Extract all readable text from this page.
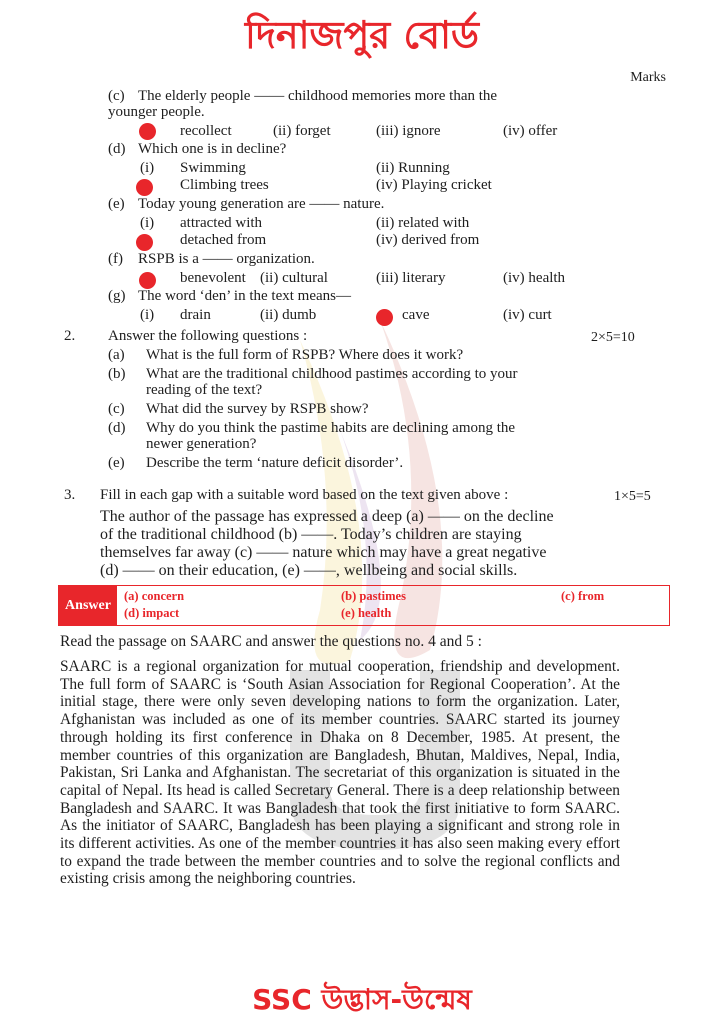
দিনাজপুর বোর্ড
Marks
(c) The elderly people —— childhood memories more than the
younger people.
recollect	(ii) forget	(iii) ignore	(iv) offer
(d) Which one is in decline?
(i) Swimming	(ii) Running
Climbing trees	(iv) Playing cricket
(e) Today young generation are —— nature.
(i) attracted with	(ii) related with
detached from	(iv) derived from
(f) RSPB is a —— organization.
benevolent (ii) cultural	(iii) literary	(iv) health
(g) The word ‘den’ in the text means—
(i) drain	(ii) dumb	cave	(iv) curt
2. Answer the following questions :	2×5=10
(a) What is the full form of RSPB? Where does it work?
(b) What are the traditional childhood pastimes according to your
reading of the text?
(c) What did the survey by RSPB show?
(d) Why do you think the pastime habits are declining among the
newer generation?
(e) Describe the term ‘nature deficit disorder’.
3. Fill in each gap with a suitable word based on the text given above :	1×5=5
The author of the passage has expressed a deep (a) —— on the decline
of the traditional childhood (b) ——. Today’s children are staying
themselves far away (c) —— nature which may have a great negative
(d) —— on their education, (e) ——, wellbeing and social skills.
Answer
(a) concern	(b) pastimes	(c) from
(d) impact	(e) health
Read the passage on SAARC and answer the questions no. 4 and 5 :
SAARC is a regional organization for mutual cooperation, friendship and development. The full form of SAARC is ‘South Asian Association for Regional Cooperation’. At the initial stage, there were only seven developing nations to form the organization. Later, Afghanistan was included as one of its member countries. SAARC started its journey through holding its first conference in Dhaka on 8 December, 1985. At present, the member countries of this organization are Bangladesh, Bhutan, Maldives, Nepal, India, Pakistan, Sri Lanka and Afghanistan. The secretariat of this organization is situated in the capital of Nepal. Its head is called Secretary General. There is a deep relationship between Bangladesh and SAARC. It was Bangladesh that took the first initiative to form SAARC. As the initiator of SAARC, Bangladesh has been playing a significant and strong role in its different activities. As one of the member countries it has also seen making every effort to expand the trade between the member countries and to solve the regional conflicts and existing crisis among the neighboring countries.
SSC উদ্ভাস-উন্মেষ
